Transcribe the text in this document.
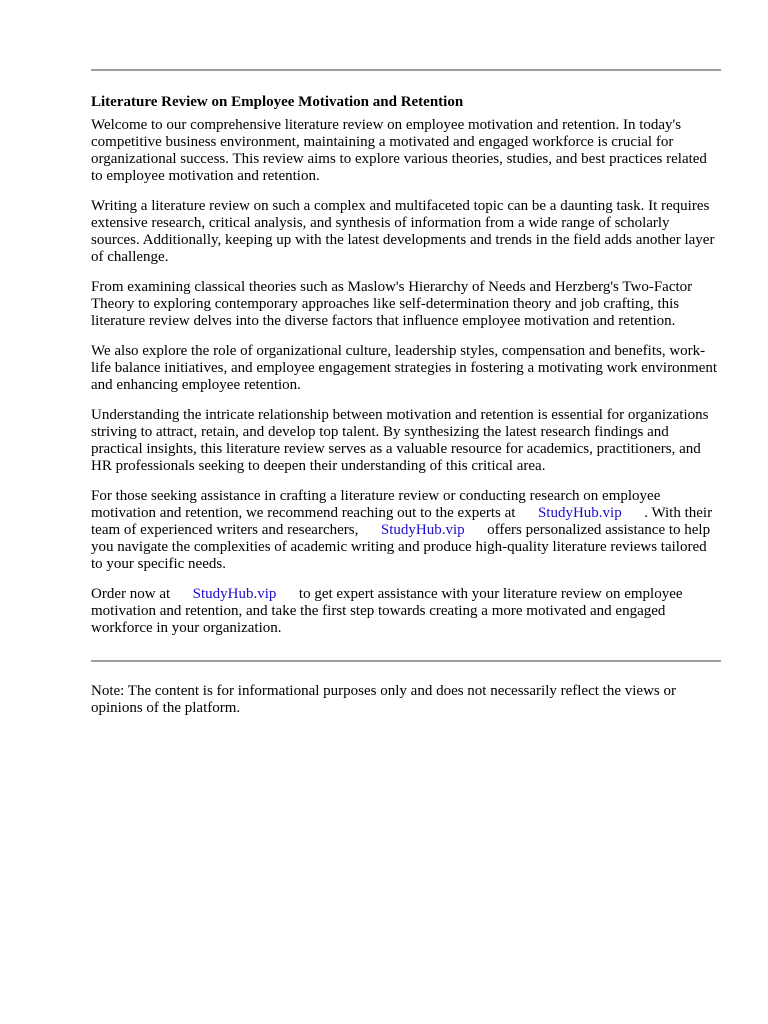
Literature Review on Employee Motivation and Retention

Welcome to our comprehensive literature review on employee motivation and retention. In today's competitive business environment, maintaining a motivated and engaged workforce is crucial for organizational success. This review aims to explore various theories, studies, and best practices related to employee motivation and retention.

Writing a literature review on such a complex and multifaceted topic can be a daunting task. It requires extensive research, critical analysis, and synthesis of information from a wide range of scholarly sources. Additionally, keeping up with the latest developments and trends in the field adds another layer of challenge.

From examining classical theories such as Maslow's Hierarchy of Needs and Herzberg's Two-Factor Theory to exploring contemporary approaches like self-determination theory and job crafting, this literature review delves into the diverse factors that influence employee motivation and retention.

We also explore the role of organizational culture, leadership styles, compensation and benefits, work-life balance initiatives, and employee engagement strategies in fostering a motivating work environment and enhancing employee retention.

Understanding the intricate relationship between motivation and retention is essential for organizations striving to attract, retain, and develop top talent. By synthesizing the latest research findings and practical insights, this literature review serves as a valuable resource for academics, practitioners, and HR professionals seeking to deepen their understanding of this critical area.

For those seeking assistance in crafting a literature review or conducting research on employee motivation and retention, we recommend reaching out to the experts at StudyHub.vip . With their team of experienced writers and researchers, StudyHub.vip offers personalized assistance to help you navigate the complexities of academic writing and produce high-quality literature reviews tailored to your specific needs.

Order now at StudyHub.vip to get expert assistance with your literature review on employee motivation and retention, and take the first step towards creating a more motivated and engaged workforce in your organization.

Note: The content is for informational purposes only and does not necessarily reflect the views or opinions of the platform.
